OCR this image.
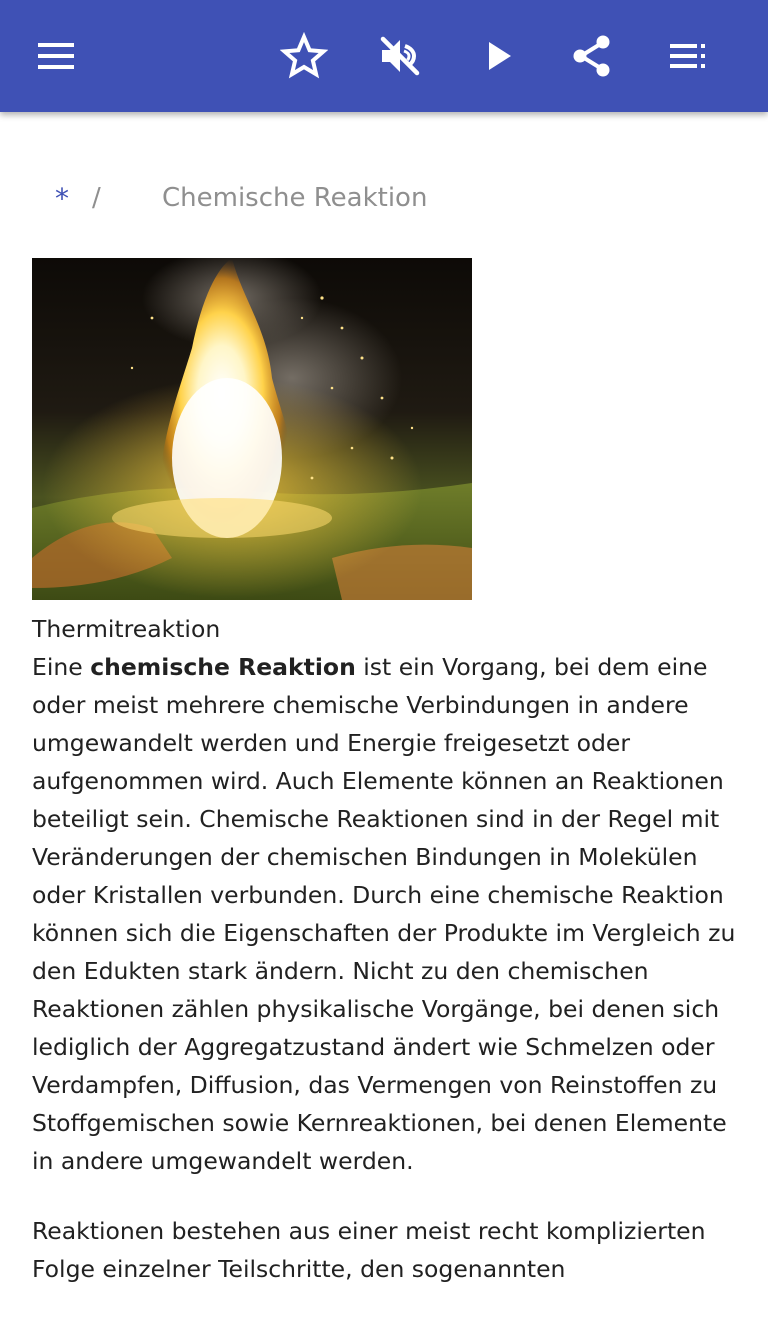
* /	Chemische Reaktion

Thermitreaktion

Eine chemische Reaktion ist ein Vorgang, bei dem eine oder meist mehrere chemische Verbindungen in andere umgewandelt werden und Energie freigesetzt oder aufgenommen wird. Auch Elemente können an Reaktionen beteiligt sein. Chemische Reaktionen sind in der Regel mit Veränderungen der chemischen Bindungen in Molekülen oder Kristallen verbunden. Durch eine chemische Reaktion können sich die Eigenschaften der Produkte im Vergleich zu den Edukten stark ändern. Nicht zu den chemischen Reaktionen zählen physikalische Vorgänge, bei denen sich lediglich der Aggregatzustand ändert wie Schmelzen oder Verdampfen, Diffusion, das Vermengen von Reinstoffen zu Stoffgemischen sowie Kernreaktionen, bei denen Elemente in andere umgewandelt werden.

Reaktionen bestehen aus einer meist recht komplizierten Folge einzelner Teilschritte, den sogenannten
